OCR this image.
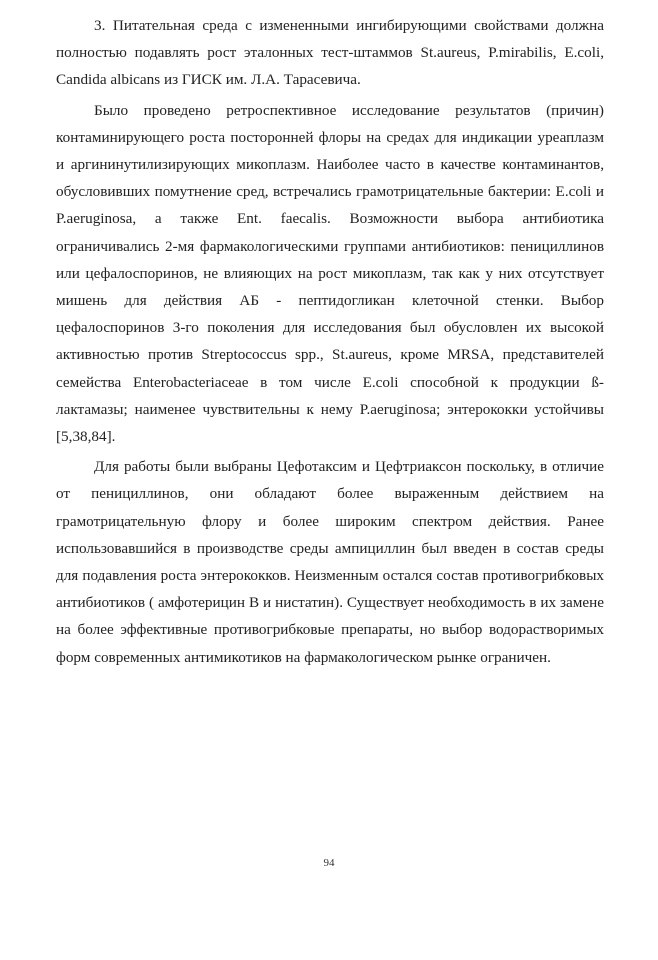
3. Питательная среда с измененными ингибирующими свойствами должна полностью подавлять рост эталонных тест-штаммов St.aureus, P.mirabilis, E.coli, Candida albicans из ГИСК им. Л.А. Тарасевича.

Было проведено ретроспективное исследование результатов (причин) контаминирующего роста посторонней флоры на средах для индикации уреаплазм и аргининутилизирующих микоплазм. Наиболее часто в качестве контаминантов, обусловивших помутнение сред, встречались грамотрицательные бактерии: E.coli и P.aeruginosa, а также Ent. faecalis. Возможности выбора антибиотика ограничивались 2-мя фармакологическими группами антибиотиков: пенициллинов или цефалоспоринов, не влияющих на рост микоплазм, так как у них отсутствует мишень для действия АБ - пептидогликан клеточной стенки. Выбор цефалоспоринов 3-го поколения для исследования был обусловлен их высокой активностью против Streptococcus spp., St.aureus, кроме MRSA, представителей семейства Enterobacteriaceae в том числе E.coli способной к продукции ß-лактамазы; наименее чувствительны к нему P.aeruginosa; энтерококки устойчивы [5,38,84].

Для работы были выбраны Цефотаксим и Цефтриаксон поскольку, в отличие от пенициллинов, они обладают более выраженным действием на грамотрицательную флору и более широким спектром действия. Ранее использовавшийся в производстве среды ампициллин был введен в состав среды для подавления роста энтерококков. Неизменным остался состав противогрибковых антибиотиков ( амфотерицин В и нистатин). Существует необходимость в их замене на более эффективные противогрибковые препараты, но выбор водорастворимых форм современных антимикотиков на фармакологическом рынке ограничен.

94
